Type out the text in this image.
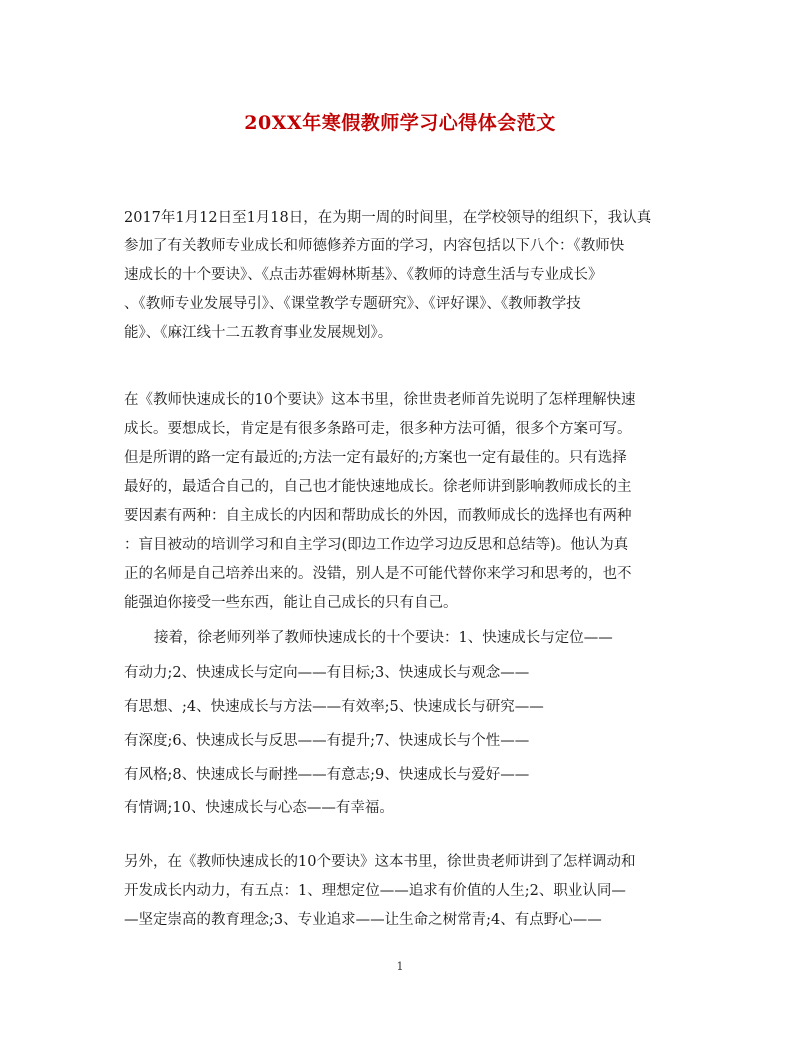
20XX年寒假教师学习心得体会范文
2017年1月12日至1月18日，在为期一周的时间里，在学校领导的组织下，我认真
参加了有关教师专业成长和师德修养方面的学习，内容包括以下八个：《教师快
速成长的十个要诀》、《点击苏霍姆林斯基》、《教师的诗意生活与专业成长》
、《教师专业发展导引》、《课堂教学专题研究》、《评好课》、《教师教学技
能》、《麻江线十二五教育事业发展规划》。
在《教师快速成长的10个要诀》这本书里，徐世贵老师首先说明了怎样理解快速
成长。要想成长，肯定是有很多条路可走，很多种方法可循，很多个方案可写。
但是所谓的路一定有最近的;方法一定有最好的;方案也一定有最佳的。只有选择
最好的，最适合自己的，自己也才能快速地成长。徐老师讲到影响教师成长的主
要因素有两种：自主成长的内因和帮助成长的外因，而教师成长的选择也有两种
：盲目被动的培训学习和自主学习(即边工作边学习边反思和总结等)。他认为真
正的名师是自己培养出来的。没错，别人是不可能代替你来学习和思考的，也不
能强迫你接受一些东西，能让自己成长的只有自己。
接着，徐老师列举了教师快速成长的十个要诀：1、快速成长与定位——
有动力;2、快速成长与定向——有目标;3、快速成长与观念——
有思想、;4、快速成长与方法——有效率;5、快速成长与研究——
有深度;6、快速成长与反思——有提升;7、快速成长与个性——
有风格;8、快速成长与耐挫——有意志;9、快速成长与爱好——
有情调;10、快速成长与心态——有幸福。
另外，在《教师快速成长的10个要诀》这本书里，徐世贵老师讲到了怎样调动和
开发成长内动力，有五点：1、理想定位——追求有价值的人生;2、职业认同—
—坚定崇高的教育理念;3、专业追求——让生命之树常青;4、有点野心——
1
